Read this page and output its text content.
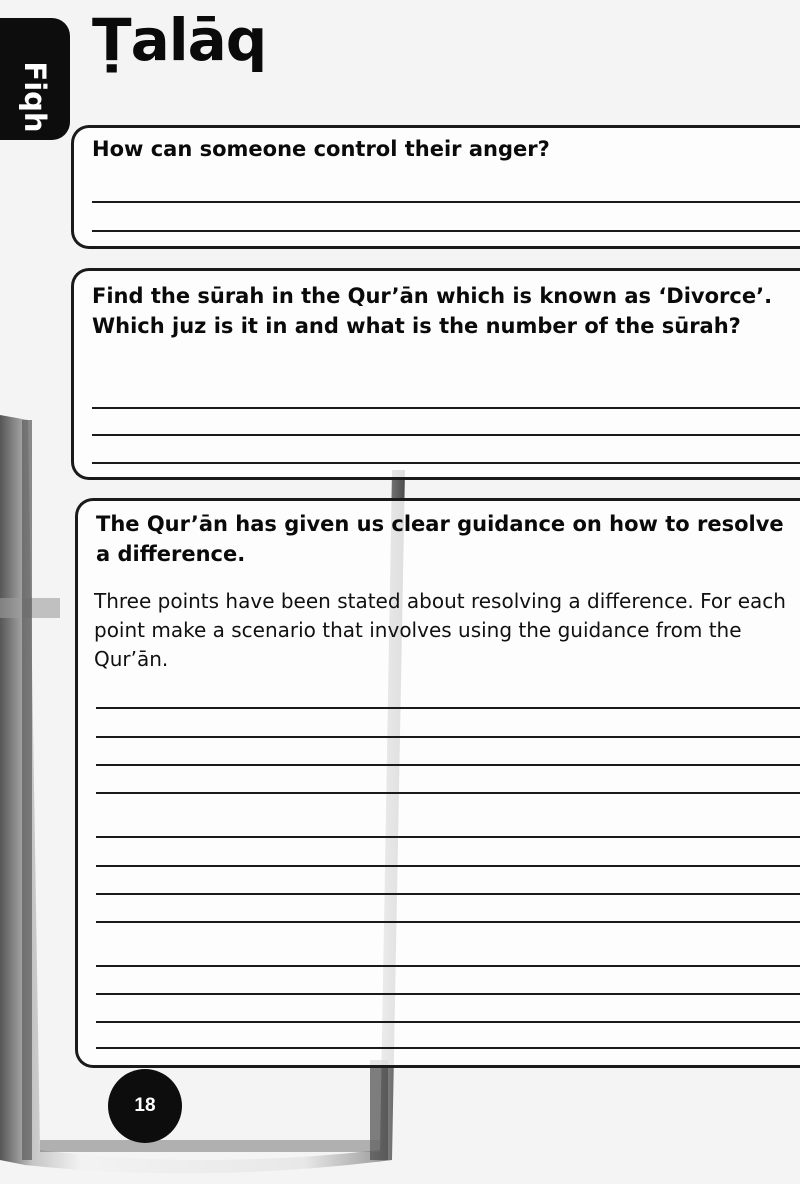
Fiqh
Ṭalāq

How can someone control their anger?

Find the sūrah in the Qur’ān which is known as ‘Divorce’. Which juz is it in and what is the number of the sūrah?

The Qur’ān has given us clear guidance on how to resolve a difference.

Three points have been stated about resolving a difference. For each point make a scenario that involves using the guidance from the Qur’ān.

18
